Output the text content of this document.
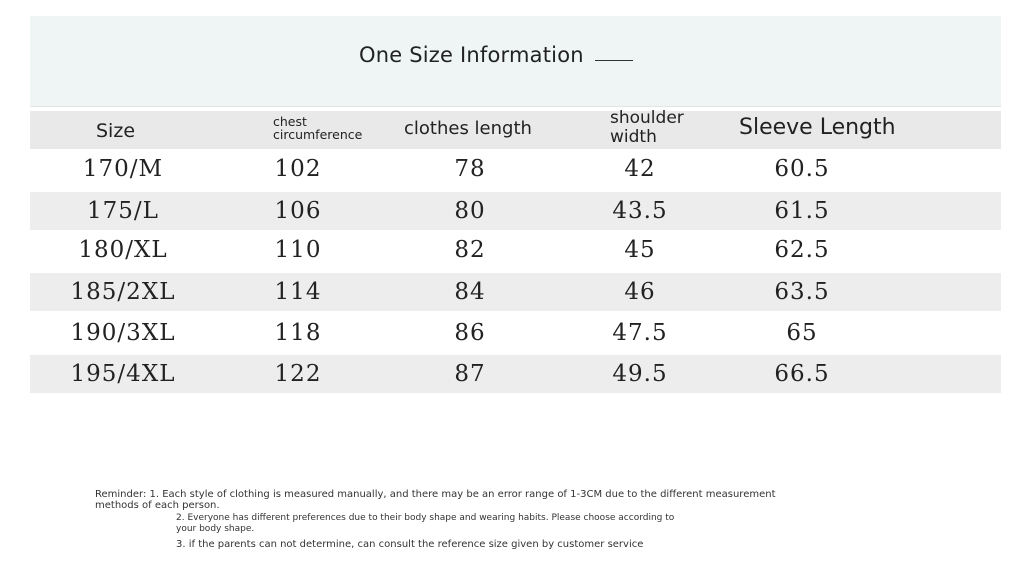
One Size Information
Size	chest circumference	clothes length	shoulder width	Sleeve Length
170/M	102	78	42	60.5
175/L	106	80	43.5	61.5
180/XL	110	82	45	62.5
185/2XL	114	84	46	63.5
190/3XL	118	86	47.5	65
195/4XL	122	87	49.5	66.5
Reminder: 1. Each style of clothing is measured manually, and there may be an error range of 1-3CM due to the different measurement methods of each person.
2. Everyone has different preferences due to their body shape and wearing habits. Please choose according to your body shape.
3. if the parents can not determine, can consult the reference size given by customer service
